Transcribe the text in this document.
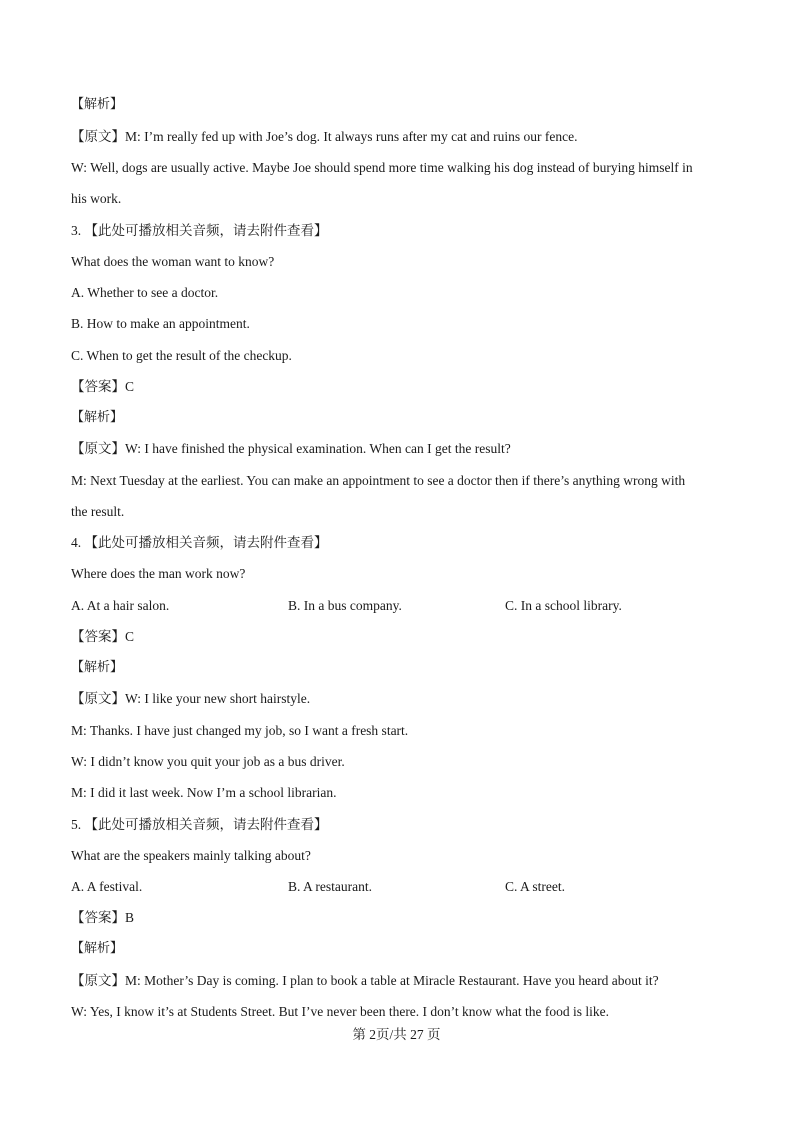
【解析】
【原文】M: I’m really fed up with Joe’s dog. It always runs after my cat and ruins our fence.
W: Well, dogs are usually active. Maybe Joe should spend more time walking his dog instead of burying himself in
his work.
3. 【此处可播放相关音频，请去附件查看】
What does the woman want to know?
A. Whether to see a doctor.
B. How to make an appointment.
C. When to get the result of the checkup.
【答案】C
【解析】
【原文】W: I have finished the physical examination. When can I get the result?
M: Next Tuesday at the earliest. You can make an appointment to see a doctor then if there’s anything wrong with
the result.
4. 【此处可播放相关音频，请去附件查看】
Where does the man work now?
A. At a hair salon.	B. In a bus company.	C. In a school library.
【答案】C
【解析】
【原文】W: I like your new short hairstyle.
M: Thanks. I have just changed my job, so I want a fresh start.
W: I didn’t know you quit your job as a bus driver.
M: I did it last week. Now I’m a school librarian.
5. 【此处可播放相关音频，请去附件查看】
What are the speakers mainly talking about?
A. A festival.	B. A restaurant.	C. A street.
【答案】B
【解析】
【原文】M: Mother’s Day is coming. I plan to book a table at Miracle Restaurant. Have you heard about it?
W: Yes, I know it’s at Students Street. But I’ve never been there. I don’t know what the food is like.
第 2页/共 27 页
